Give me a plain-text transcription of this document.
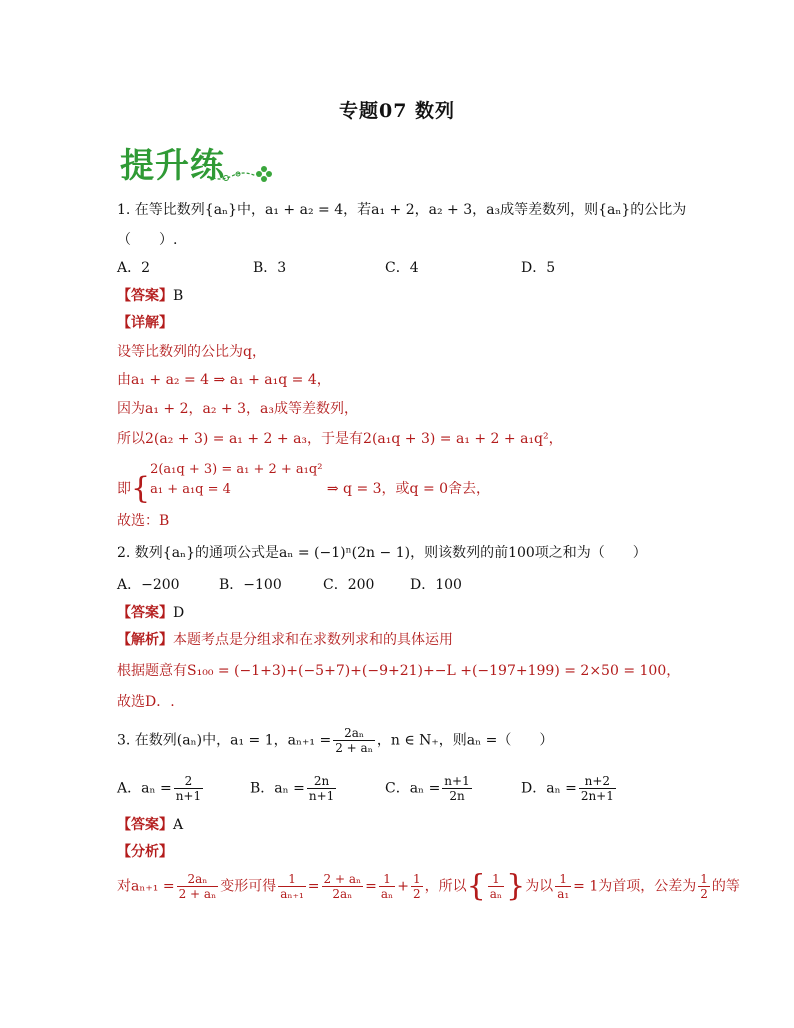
专题07 数列
提升练
1. 在等比数列{aₙ}中，a₁ + a₂ = 4，若a₁ + 2，a₂ + 3，a₃成等差数列，则{aₙ}的公比为
（　　）.
A．2	B．3	C．4	D．5
【答案】B
【详解】
设等比数列的公比为q，
由a₁ + a₂ = 4 ⇒ a₁ + a₁q = 4，
因为a₁ + 2，a₂ + 3，a₃成等差数列，
所以2(a₂ + 3) = a₁ + 2 + a₃，于是有2(a₁q + 3) = a₁ + 2 + a₁q²，
即{
2(a₁q + 3) = a₁ + 2 + a₁q²
a₁ + a₁q = 4	⇒ q = 3，或q = 0舍去，
故选：B
2. 数列{aₙ}的通项公式是aₙ = (−1)ⁿ(2n − 1)，则该数列的前100项之和为（　　）
A．−200	B．−100	C．200	D．100
【答案】D
【解析】本题考点是分组求和在求数列求和的具体运用
根据题意有S₁₀₀ = (−1+3)+(−5+7)+(−9+21)+−L +(−197+199) = 2×50 = 100，
故选D．.
3. 在数列(aₙ)中，a₁ = 1，$a_{n+1} = \frac{\text{2aₙ}}{\text{2 + aₙ}}$ ，n ∈ N₊，则aₙ =（　　）
A．$a_n = \frac{2}{n+1}$	B．$a_n = \frac{2n}{n+1}$	C．$a_n = \frac{n+1}{2n}$	D．$a_n = \frac{n+2}{2n+1}$
【答案】A
【分析】
对$a_{n+1} = \frac{\text{2aₙ}}{\text{2 + aₙ}}$ 变形可得 $\frac{1}{\text{aₙ₊₁}} = \frac{\text{2 + aₙ}}{\text{2aₙ}} = \frac{1}{\text{aₙ}} + \frac{1}{2}$ ，所以{ $\frac{1}{\text{aₙ}}$ }为以 $\frac{1}{\text{a₁}} = 1$为首项，公差为 $\frac{1}{2}$ 的等
